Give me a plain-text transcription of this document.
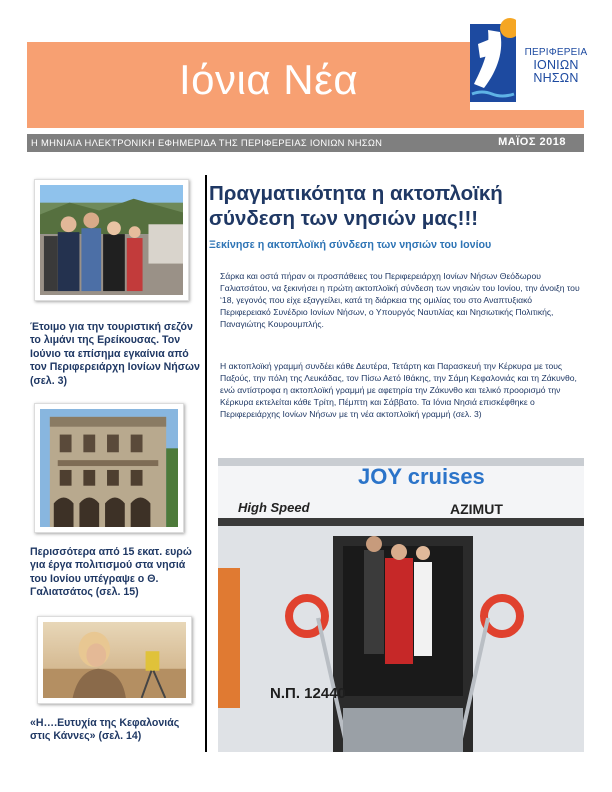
Ιόνια Νέα
ΠΕΡΙΦΕΡΕΙΑ
ΙΟΝΙΩΝ
ΝΗΣΩΝ
Η ΜΗΝΙΑΙΑ ΗΛΕΚΤΡΟΝΙΚΗ ΕΦΗΜΕΡΙΔΑ ΤΗΣ ΠΕΡΙΦΕΡΕΙΑΣ ΙΟΝΙΩΝ ΝΗΣΩΝ	ΜΑΪΟΣ 2018
Έτοιμο για την τουριστική σεζόν το λιμάνι της Ερείκουσας. Τον Ιούνιο τα επίσημα εγκαίνια από τον Περιφερειάρχη Ιονίων Νήσων (σελ. 3)
Περισσότερα από 15 εκατ. ευρώ για έργα πολιτισμού στα νησιά του Ιονίου υπέγραψε ο Θ. Γαλιατσάτος (σελ. 15)
«Η….Ευτυχία της Κεφαλονιάς στις Κάννες» (σελ. 14)
Πραγματικότητα η ακτοπλοϊκή σύνδεση των νησιών μας!!!
Ξεκίνησε η ακτοπλοϊκή σύνδεση των νησιών του Ιονίου

Σάρκα και οστά πήραν οι προσπάθειες του Περιφερειάρχη Ιονίων Νήσων Θεόδωρου Γαλιατσάτου, να ξεκινήσει η πρώτη ακτοπλοϊκή σύνδεση των νησιών του Ιονίου, την άνοιξη του ‘18, γεγονός που είχε εξαγγείλει, κατά τη διάρκεια της ομιλίας του στο Αναπτυξιακό Περιφερειακό Συνέδριο Ιονίων Νήσων, ο Υπουργός Ναυτιλίας και Νησιωτικής Πολιτικής, Παναγιώτης Κουρουμπλής.

Η ακτοπλοϊκή γραμμή συνδέει κάθε Δευτέρα, Τετάρτη και Παρασκευή την Κέρκυρα με τους Παξούς, την πόλη της Λευκάδας, τον Πίσω Αετό Ιθάκης, την Σάμη Κεφαλονιάς και τη Ζάκυνθο, ενώ αντίστροφα η ακτοπλοϊκή γραμμή με αφετηρία την Ζάκυνθο και τελικό προορισμό την Κέρκυρα εκτελείται κάθε Τρίτη, Πέμπτη και Σάββατο. Τα Ιόνια Νησιά επισκέφθηκε ο Περιφερειάρχης Ιονίων Νήσων με τη νέα ακτοπλοϊκή γραμμή (σελ. 3)

JOY cruises
High Speed	AZIMUT
Ν.Π. 12440
